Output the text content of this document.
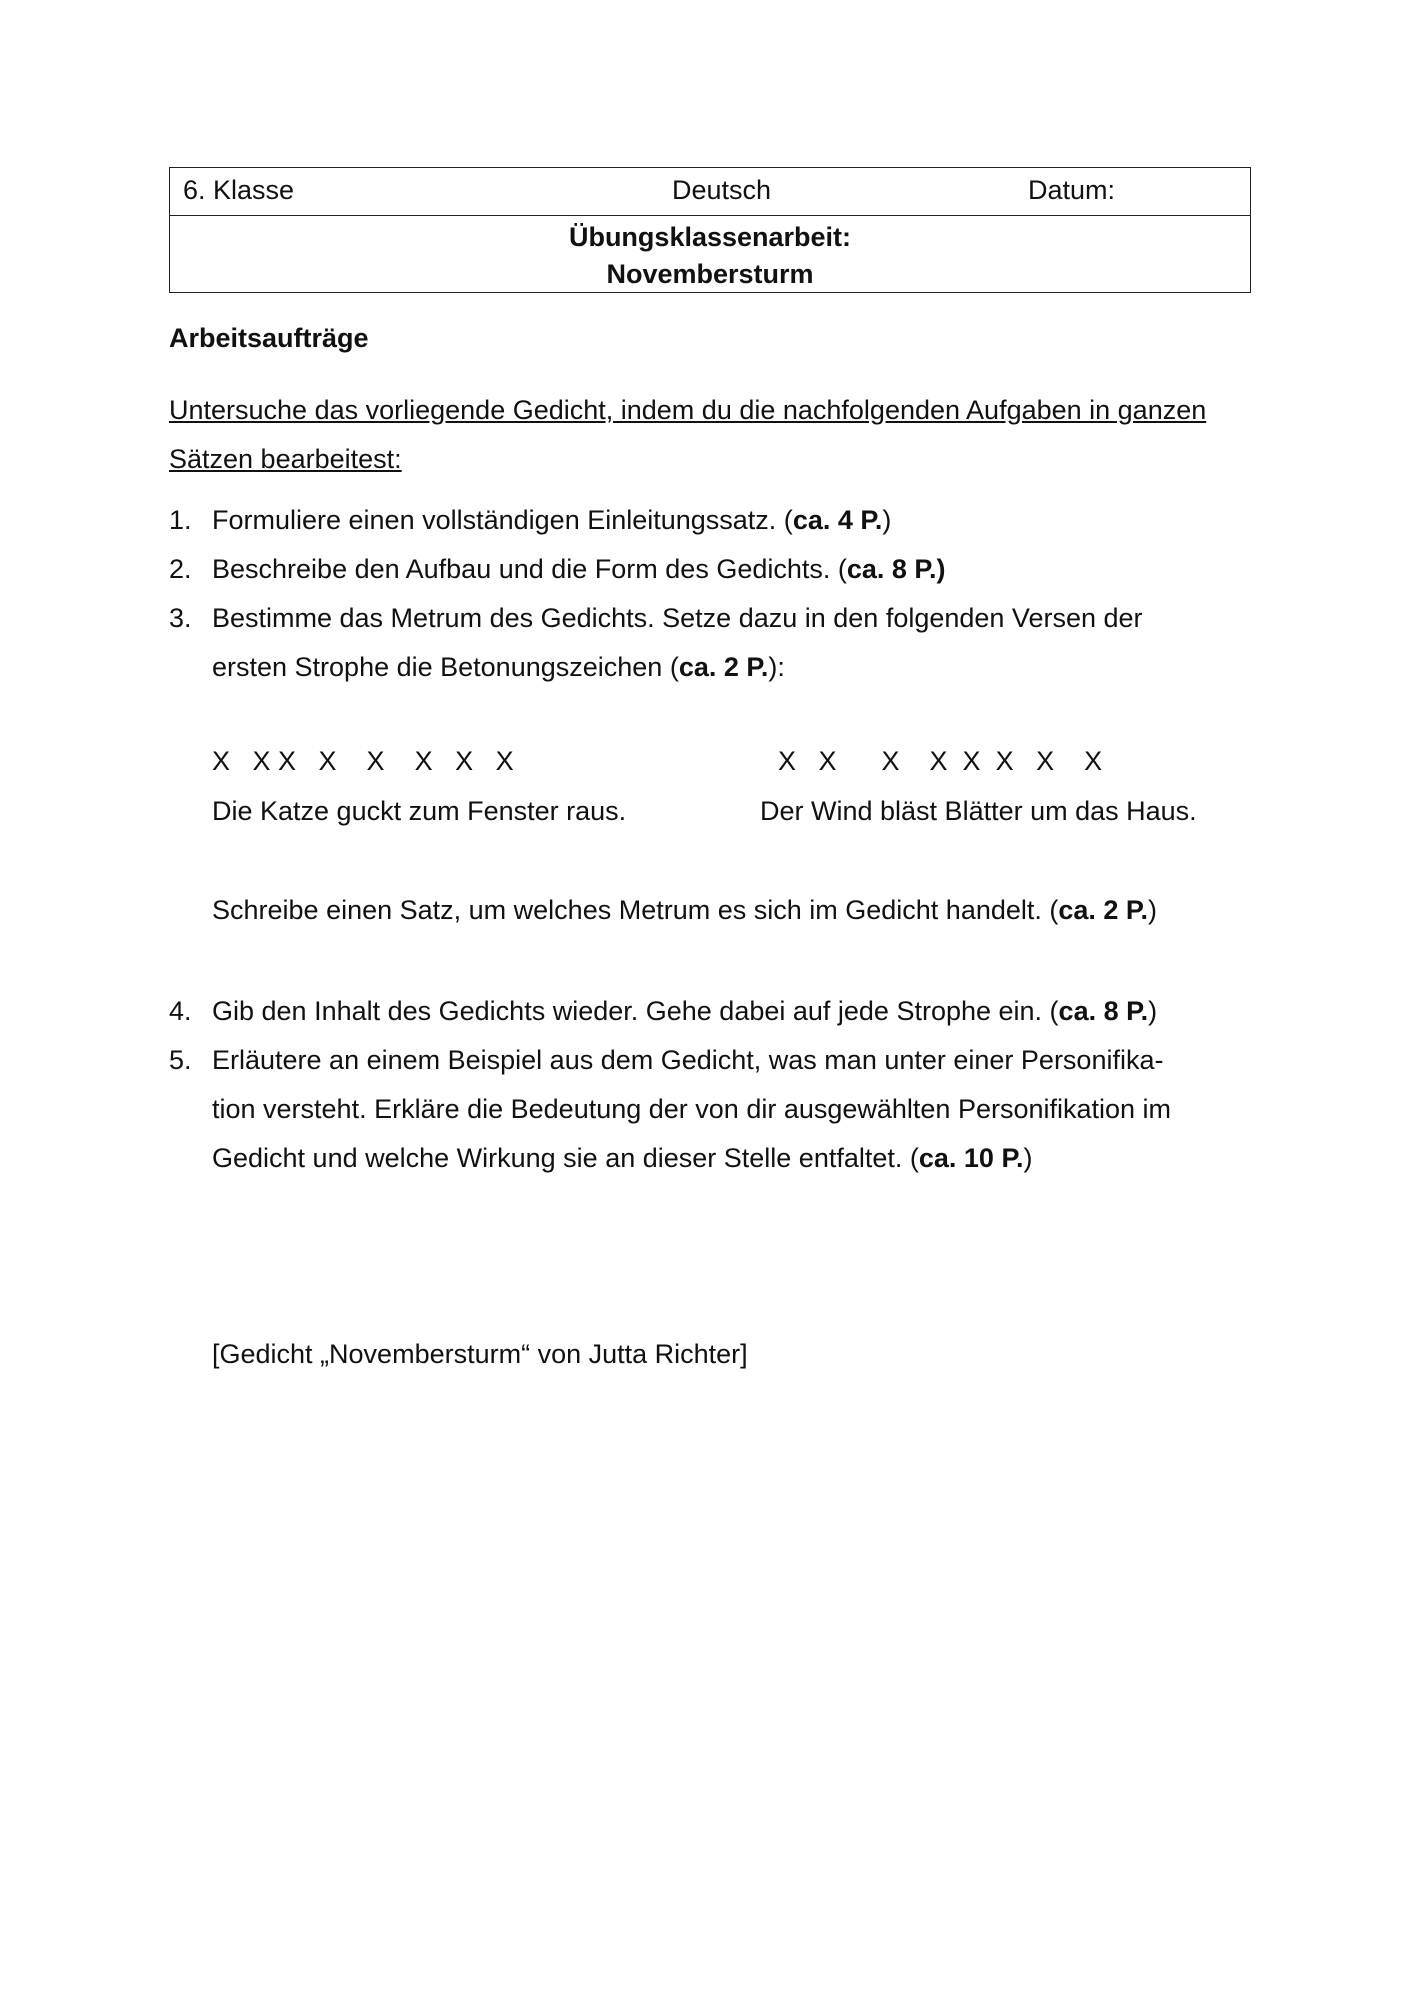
6. Klasse	Deutsch	Datum:
Übungsklassenarbeit:
Novembersturm
Arbeitsaufträge
Untersuche das vorliegende Gedicht, indem du die nachfolgenden Aufgaben in ganzen
Sätzen bearbeitest:
1. Formuliere einen vollständigen Einleitungssatz. (ca. 4 P.)
2. Beschreibe den Aufbau und die Form des Gedichts. (ca. 8 P.)
3. Bestimme das Metrum des Gedichts. Setze dazu in den folgenden Versen der
ersten Strophe die Betonungszeichen (ca. 2 P.):
X   X X   X    X    X   X   X
Die Katze guckt zum Fenster raus.
X   X      X    X  X  X   X    X
Der Wind bläst Blätter um das Haus.
Schreibe einen Satz, um welches Metrum es sich im Gedicht handelt. (ca. 2 P.)
4. Gib den Inhalt des Gedichts wieder. Gehe dabei auf jede Strophe ein. (ca. 8 P.)
5. Erläutere an einem Beispiel aus dem Gedicht, was man unter einer Personifika-
tion versteht. Erkläre die Bedeutung der von dir ausgewählten Personifikation im
Gedicht und welche Wirkung sie an dieser Stelle entfaltet. (ca. 10 P.)
[Gedicht „Novembersturm“ von Jutta Richter]
